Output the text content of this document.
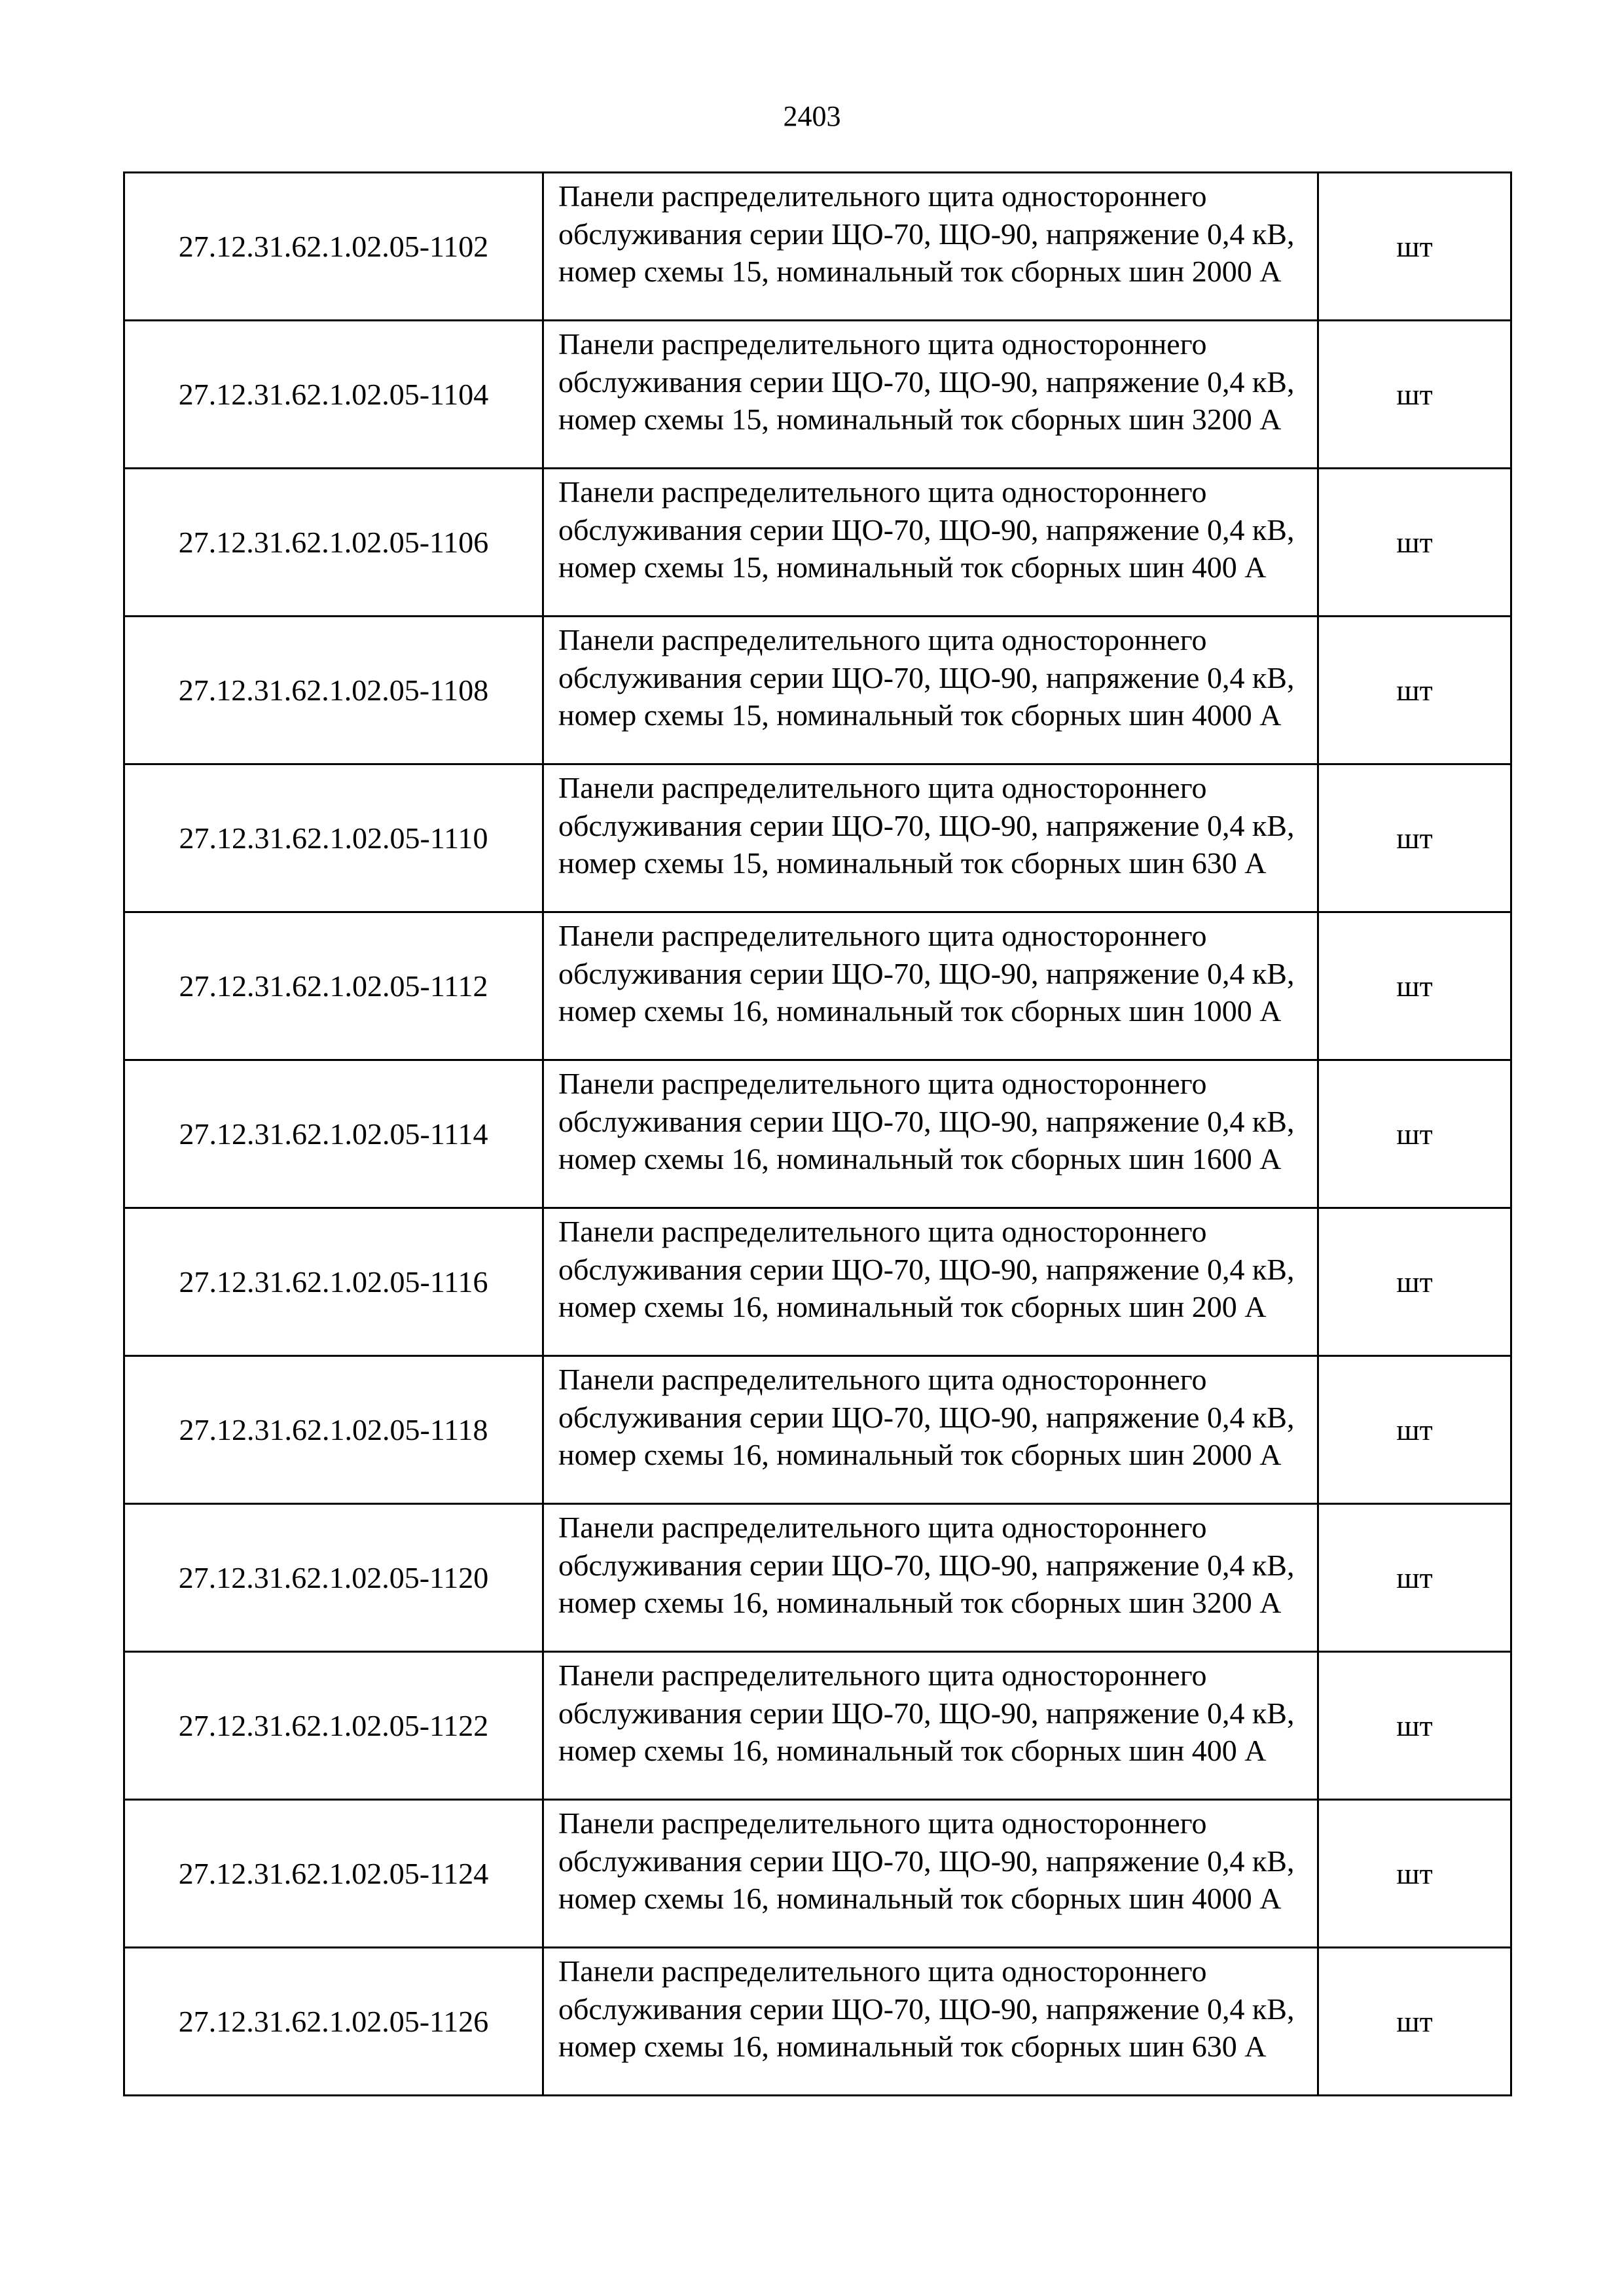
2403
27.12.31.62.1.02.05-1102	Панели распределительного щита одностороннего обслуживания серии ЩО-70, ЩО-90, напряжение 0,4 кВ, номер схемы 15, номинальный ток сборных шин 2000 А	шт
27.12.31.62.1.02.05-1104	Панели распределительного щита одностороннего обслуживания серии ЩО-70, ЩО-90, напряжение 0,4 кВ, номер схемы 15, номинальный ток сборных шин 3200 А	шт
27.12.31.62.1.02.05-1106	Панели распределительного щита одностороннего обслуживания серии ЩО-70, ЩО-90, напряжение 0,4 кВ, номер схемы 15, номинальный ток сборных шин 400 А	шт
27.12.31.62.1.02.05-1108	Панели распределительного щита одностороннего обслуживания серии ЩО-70, ЩО-90, напряжение 0,4 кВ, номер схемы 15, номинальный ток сборных шин 4000 А	шт
27.12.31.62.1.02.05-1110	Панели распределительного щита одностороннего обслуживания серии ЩО-70, ЩО-90, напряжение 0,4 кВ, номер схемы 15, номинальный ток сборных шин 630 А	шт
27.12.31.62.1.02.05-1112	Панели распределительного щита одностороннего обслуживания серии ЩО-70, ЩО-90, напряжение 0,4 кВ, номер схемы 16, номинальный ток сборных шин 1000 А	шт
27.12.31.62.1.02.05-1114	Панели распределительного щита одностороннего обслуживания серии ЩО-70, ЩО-90, напряжение 0,4 кВ, номер схемы 16, номинальный ток сборных шин 1600 А	шт
27.12.31.62.1.02.05-1116	Панели распределительного щита одностороннего обслуживания серии ЩО-70, ЩО-90, напряжение 0,4 кВ, номер схемы 16, номинальный ток сборных шин 200 А	шт
27.12.31.62.1.02.05-1118	Панели распределительного щита одностороннего обслуживания серии ЩО-70, ЩО-90, напряжение 0,4 кВ, номер схемы 16, номинальный ток сборных шин 2000 А	шт
27.12.31.62.1.02.05-1120	Панели распределительного щита одностороннего обслуживания серии ЩО-70, ЩО-90, напряжение 0,4 кВ, номер схемы 16, номинальный ток сборных шин 3200 А	шт
27.12.31.62.1.02.05-1122	Панели распределительного щита одностороннего обслуживания серии ЩО-70, ЩО-90, напряжение 0,4 кВ, номер схемы 16, номинальный ток сборных шин 400 А	шт
27.12.31.62.1.02.05-1124	Панели распределительного щита одностороннего обслуживания серии ЩО-70, ЩО-90, напряжение 0,4 кВ, номер схемы 16, номинальный ток сборных шин 4000 А	шт
27.12.31.62.1.02.05-1126	Панели распределительного щита одностороннего обслуживания серии ЩО-70, ЩО-90, напряжение 0,4 кВ, номер схемы 16, номинальный ток сборных шин 630 А	шт
